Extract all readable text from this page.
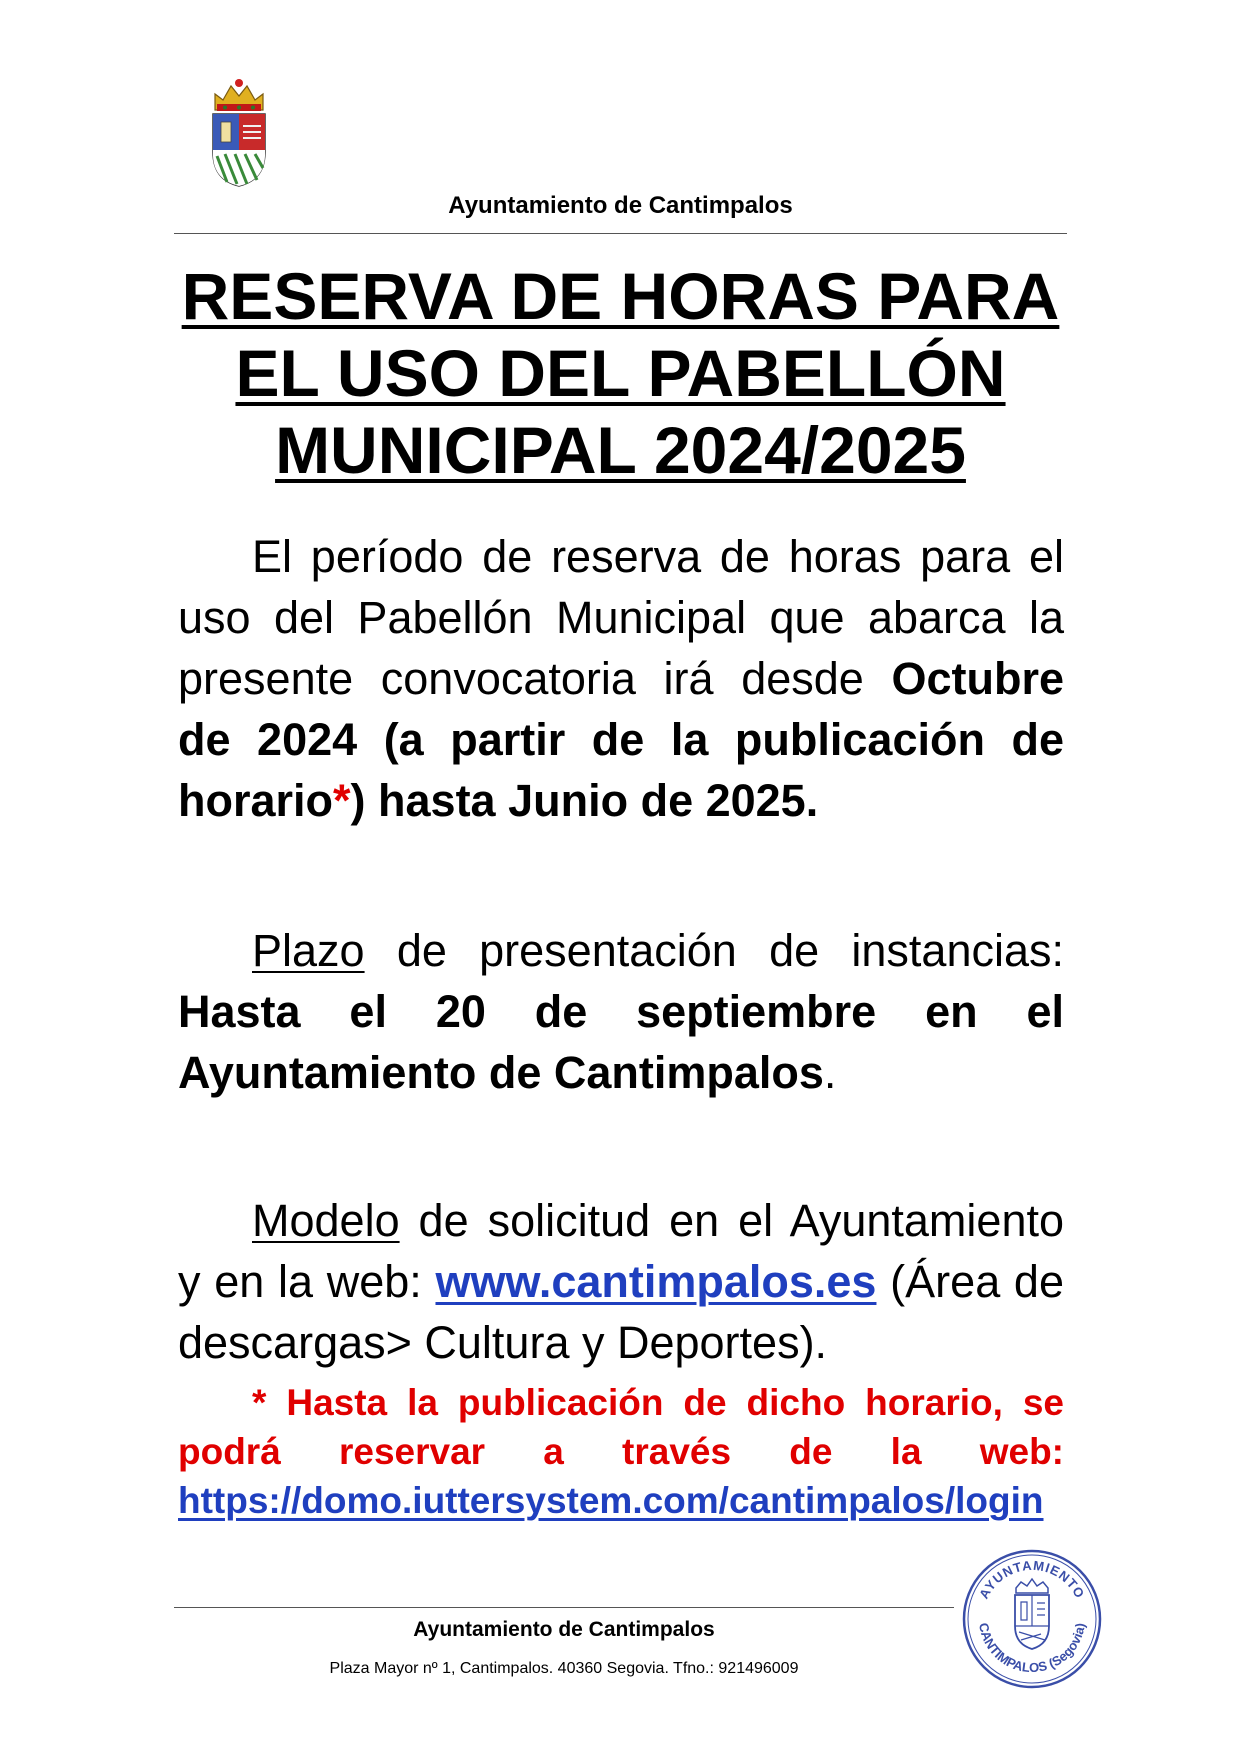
Ayuntamiento de Cantimpalos
RESERVA DE HORAS PARA
EL USO DEL PABELLÓN
MUNICIPAL 2024/2025
El período de reserva de horas para el uso del Pabellón Municipal que abarca la presente convocatoria irá desde Octubre de 2024 (a partir de la publicación de horario*) hasta Junio de 2025.
Plazo de presentación de instancias: Hasta el 20 de septiembre en el Ayuntamiento de Cantimpalos.
Modelo de solicitud en el Ayuntamiento y en la web: www.cantimpalos.es (Área de descargas> Cultura y Deportes).
* Hasta la publicación de dicho horario, se podrá reservar a través de la web: https://domo.iuttersystem.com/cantimpalos/login
Ayuntamiento de Cantimpalos
Plaza Mayor nº 1, Cantimpalos. 40360 Segovia. Tfno.: 921496009
AYUNTAMIENTO
CANTIMPALOS (Segovia)
